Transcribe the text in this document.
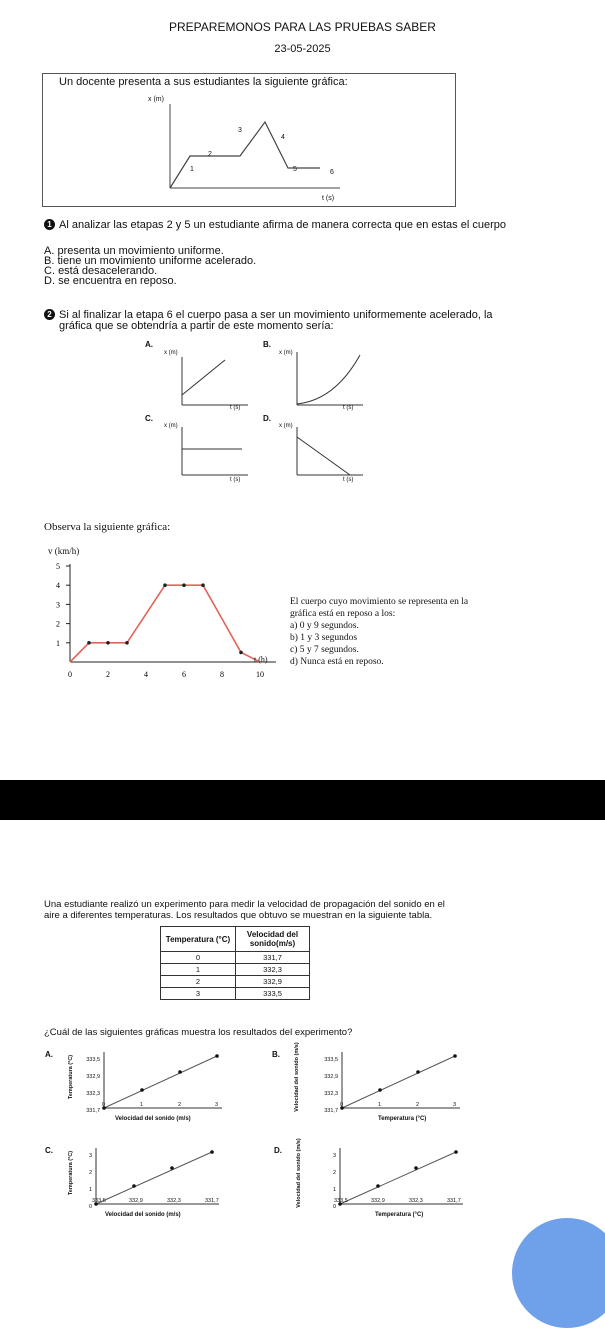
PREPAREMONOS PARA LAS PRUEBAS SABER
23-05-2025
Un docente presenta a sus estudiantes la siguiente gráfica:
x (m)
t (s)
1
2
3
4
5	6
1 Al analizar las etapas 2 y 5 un estudiante afirma de manera correcta que en estas el cuerpo
A. presenta un movimiento uniforme.
B. tiene un movimiento uniforme acelerado.
C. está desacelerando.
D. se encuentra en reposo.
2 Si al finalizar la etapa 6 el cuerpo pasa a ser un movimiento uniformemente acelerado, la
gráfica que se obtendría a partir de este momento sería:
A.
x (m)
t (s)
B.
x (m)
t (s)
C.
x (m)
t (s)
D.
x (m)
t (s)
Observa la siguiente gráfica:
v (km/h)
1
2
3
4
5
0	2	4	6	8	10
t (h)
El cuerpo cuyo movimiento se representa en la
gráfica está en reposo a los:
a) 0 y 9 segundos.
b) 1 y 3 segundos
c) 5 y 7 segundos.
d) Nunca está en reposo.
Una estudiante realizó un experimento para medir la velocidad de propagación del sonido en el
aire a diferentes temperaturas. Los resultados que obtuvo se muestran en la siguiente tabla.
Temperatura (°C)	Velocidad del sonido(m/s)
0	331,7
1	332,3
2	332,9
3	333,5
¿Cuál de las siguientes gráficas muestra los resultados del experimento?
A.
Temperatura (°C)	333,5
332,9
332,3
331,7
0	1	2	3
Velocidad del sonido (m/s)
B.	Velocidad del sonido (m/s)	333,5
332,9
332,3
331,7
0	1	2	3
Temperatura (°C)
C.
Temperatura (°C)	3
2
1
0
333,5	332,9	332,3	331,7
Velocidad del sonido (m/s)
D.	Velocidad del sonido (m/s)	3
2
1
0
333,5	332,9	332,3	331,7
Temperatura (°C)
